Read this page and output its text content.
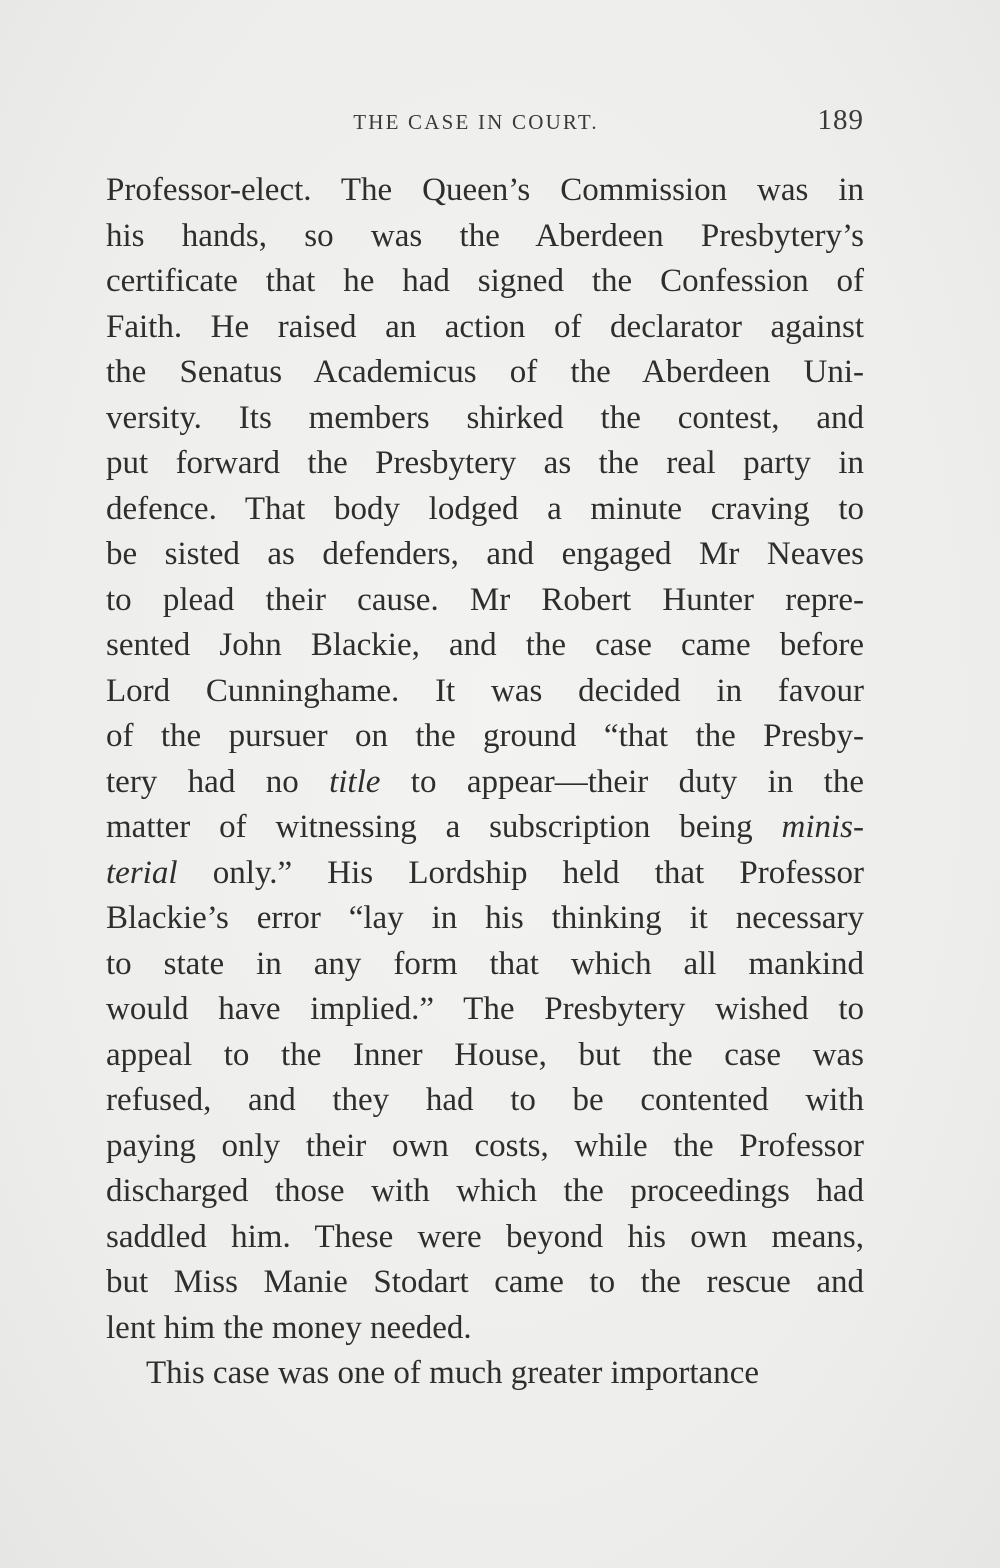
THE CASE IN COURT.	189
Professor-elect. The Queen’s Commission was in
his hands, so was the Aberdeen Presbytery’s
certificate that he had signed the Confession of
Faith. He raised an action of declarator against
the Senatus Academicus of the Aberdeen Uni-
versity. Its members shirked the contest, and
put forward the Presbytery as the real party in
defence. That body lodged a minute craving to
be sisted as defenders, and engaged Mr Neaves
to plead their cause. Mr Robert Hunter repre-
sented John Blackie, and the case came before
Lord Cunninghame. It was decided in favour
of the pursuer on the ground “that the Presby-
tery had no title to appear—their duty in the
matter of witnessing a subscription being minis-
terial only.” His Lordship held that Professor
Blackie’s error “lay in his thinking it necessary
to state in any form that which all mankind
would have implied.” The Presbytery wished to
appeal to the Inner House, but the case was
refused, and they had to be contented with
paying only their own costs, while the Professor
discharged those with which the proceedings had
saddled him. These were beyond his own means,
but Miss Manie Stodart came to the rescue and
lent him the money needed.
This case was one of much greater importance
